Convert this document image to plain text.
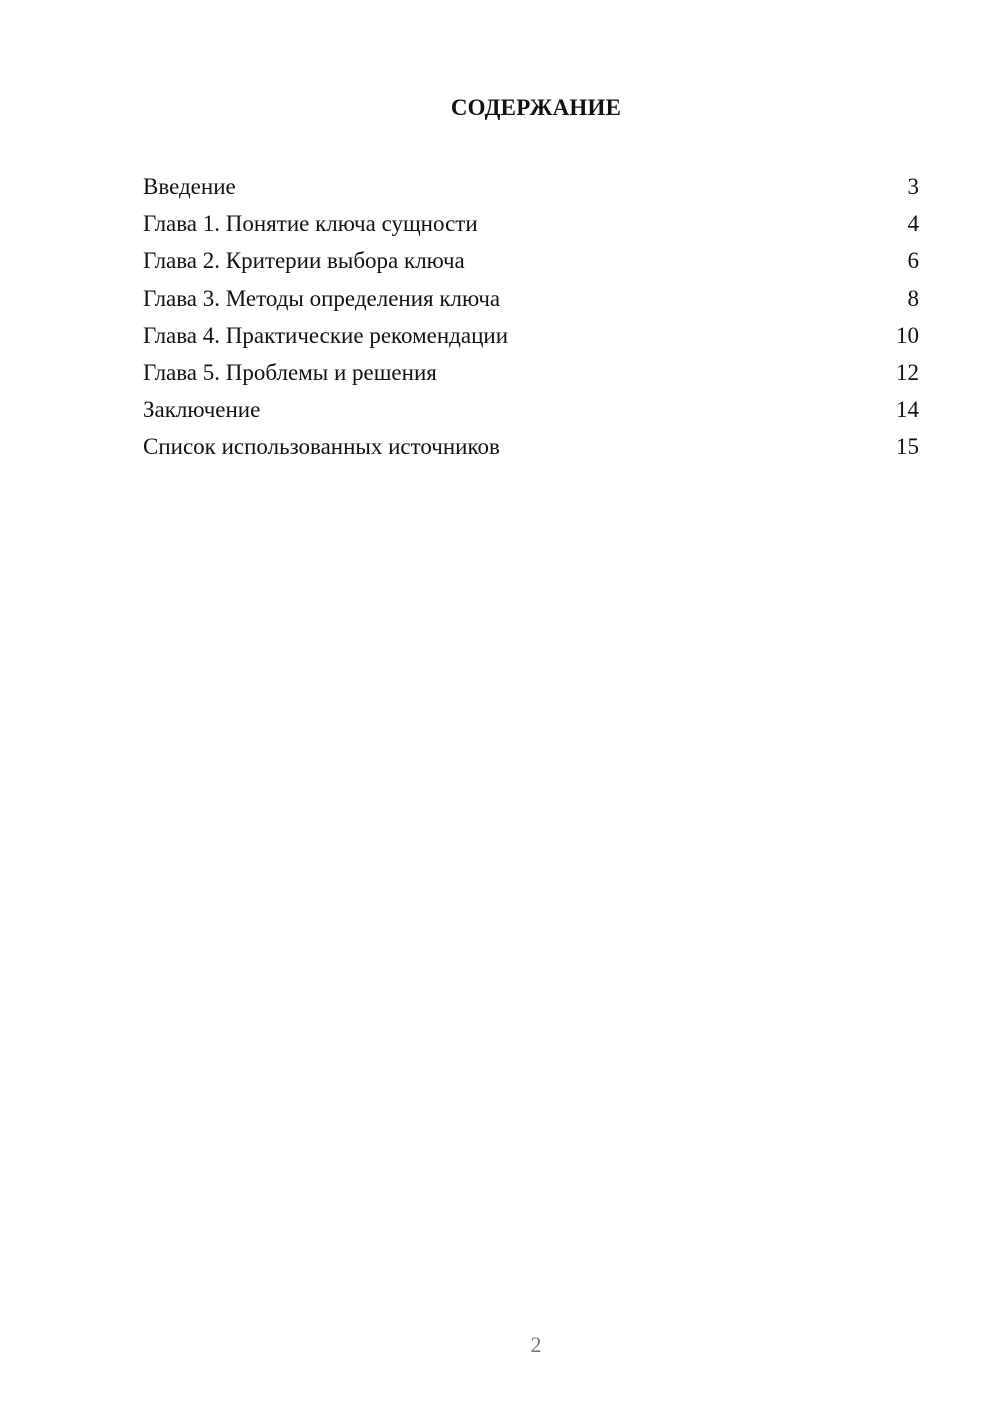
СОДЕРЖАНИЕ
Введение	3
Глава 1. Понятие ключа сущности	4
Глава 2. Критерии выбора ключа	6
Глава 3. Методы определения ключа	8
Глава 4. Практические рекомендации	10
Глава 5. Проблемы и решения	12
Заключение	14
Список использованных источников	15
2
